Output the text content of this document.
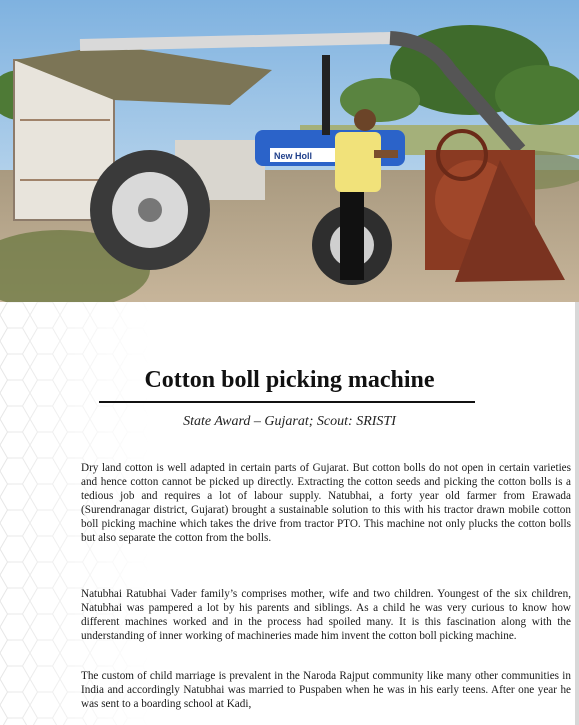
New Holl
Cotton boll picking machine

State Award – Gujarat; Scout: SRISTI

Dry land cotton is well adapted in certain parts of Gujarat. But cotton bolls do not open in certain varieties and hence cotton cannot be picked up directly. Extracting the cotton seeds and picking the cotton bolls is a tedious job and requires a lot of labour supply. Natubhai, a forty year old farmer from Erawada (Surendranagar district, Gujarat) brought a sustainable solution to this with his tractor drawn mobile cotton boll picking machine which takes the drive from tractor PTO. This machine not only plucks the cotton bolls but also separate the cotton from the bolls.

Natubhai Ratubhai Vader family’s comprises mother, wife and two children. Youngest of the six children, Natubhai was pampered a lot by his parents and siblings. As a child he was very curious to know how different machines worked and in the process had spoiled many. It is this fascination along with the understanding of inner working of machineries made him invent the cotton boll picking machine.

The custom of child marriage is prevalent in the Naroda Rajput community like many other communities in India and accordingly Natubhai was married to Puspaben when he was in his early teens. After one year he was sent to a boarding school at Kadi,
